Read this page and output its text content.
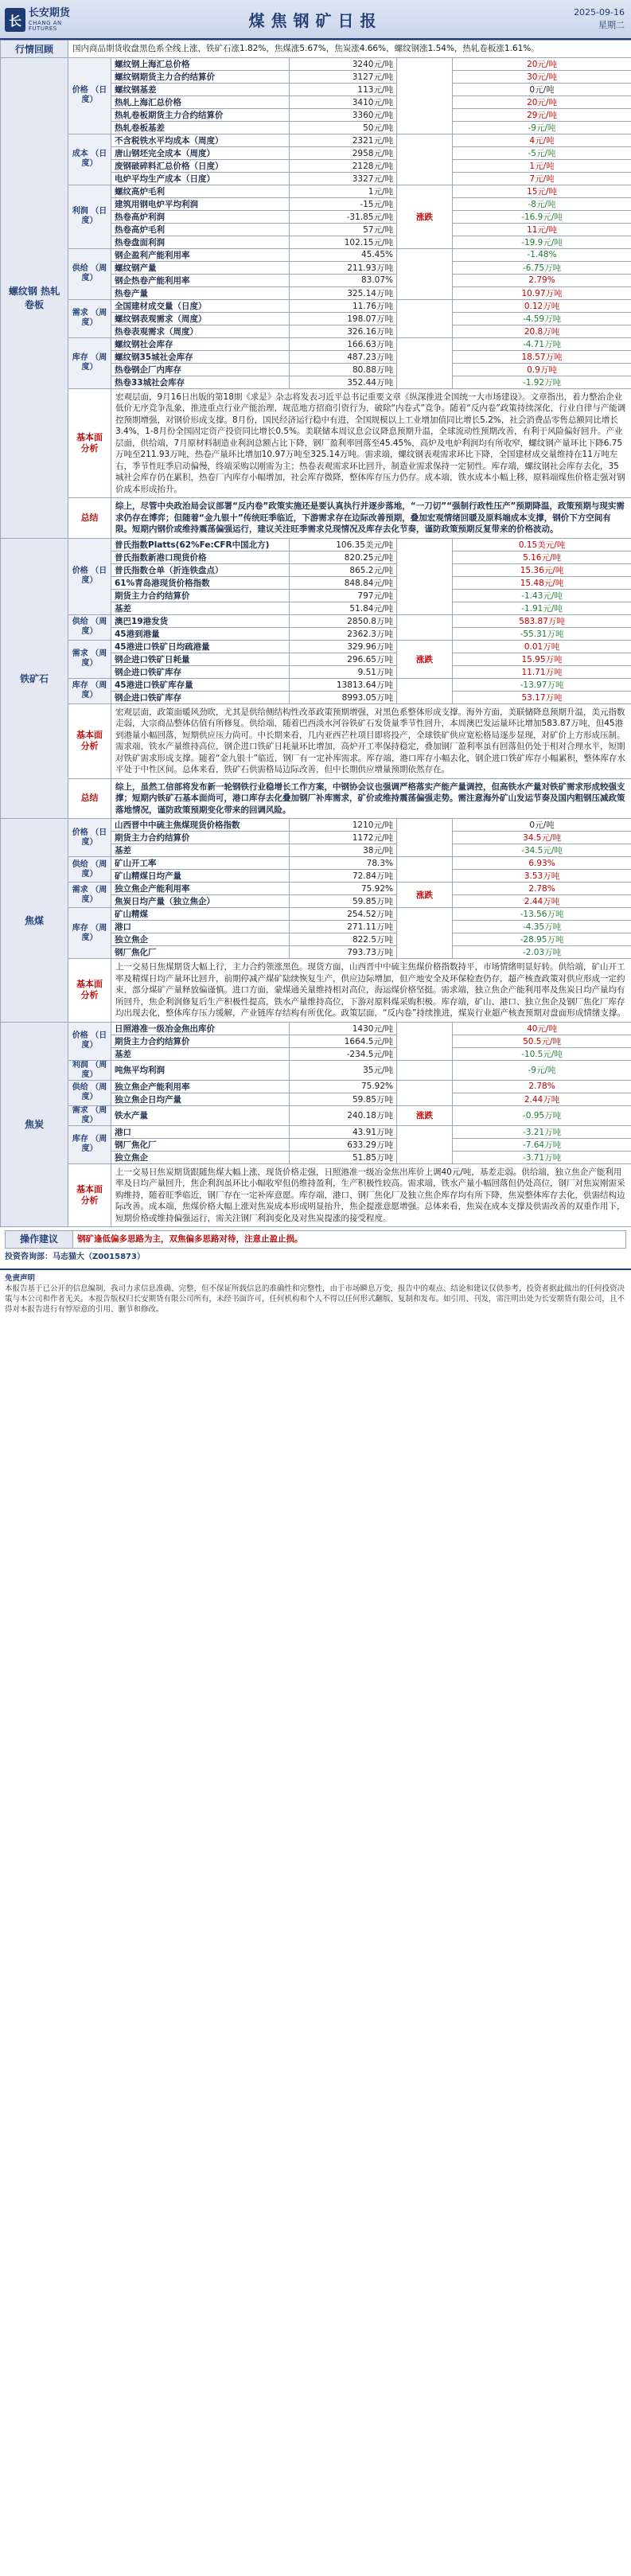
长 长安期货
CHANG AN FUTURES	煤焦钢矿日报	2025-09-16
星期二
行情回顾	国内商品期货收盘黑色系全线上涨，铁矿石涨1.82%，焦煤涨5.67%，焦炭涨4.66%，螺纹钢涨1.54%，热轧卷板涨1.61%。				
螺纹钢 热轧卷板	价格 （日度）	螺纹钢上海汇总价格	3240元/吨		20元/吨
		螺纹钢期货主力合约结算价	3127元/吨		30元/吨
		螺纹钢基差	113元/吨		0元/吨
		热轧上海汇总价格	3410元/吨		20元/吨
		热轧卷板期货主力合约结算价	3360元/吨		29元/吨
		热轧卷板基差	50元/吨		-9元/吨
	成本 （日度）	不含税铁水平均成本（周度）	2321元/吨		4元/吨
		唐山钢坯完全成本（周度）	2958元/吨		-5元/吨
		废钢破碎料汇总价格（日度）	2128元/吨		1元/吨
		电炉平均生产成本（日度）	3327元/吨		7元/吨
	利润 （日度）	螺纹高炉毛利	1元/吨	涨跌	15元/吨
		建筑用钢电炉平均利润	-15元/吨		-8元/吨
		热卷高炉利润	-31.85元/吨		-16.9元/吨
		热卷高炉毛利	57元/吨		11元/吨
		热卷盘面利润	102.15元/吨		-19.9元/吨
	供给 （周度）	钢企盈利产能利用率	45.45%		-1.48%
		螺纹钢产量	211.93万吨		-6.75万吨
		钢企热卷产能利用率	83.07%		2.79%
		热卷产量	325.14万吨		10.97万吨
	需求 （周度）	全国建材成交量（日度）	11.76万吨		0.12万吨
		螺纹钢表观需求（周度）	198.07万吨		-4.59万吨
		热卷表观需求（周度）	326.16万吨		20.8万吨
	库存 （周度）	螺纹钢社会库存	166.63万吨		-4.71万吨
		螺纹钢35城社会库存	487.23万吨		18.57万吨
		热卷钢企厂内库存	80.88万吨		0.9万吨
		热卷33城社会库存	352.44万吨		-1.92万吨
	基本面 分析	宏观层面，9月16日出版的第18期《求是》杂志将发表习近平总书记重要文章《纵深推进全国统一大市场建设》。文章指出，着力整治企业低价无序竞争乱象，推进重点行业产能治理，规范地方招商引资行为，破除“内卷式”竞争。随着“反内卷”政策持续深化，行业自律与产能调控预期增强，对钢价形成支撑。8月份，国民经济运行稳中有进，全国规模以上工业增加值同比增长5.2%，社会消费品零售总额同比增长3.4%，1-8月份全国固定资产投资同比增长0.5%。美联储本周议息会议降息预期升温，全球流动性预期改善，有利于风险偏好回升。产业层面，供给端，7月原材料制造业利润总额占比下降，钢厂盈利率回落至45.45%，高炉及电炉利润均有所收窄，螺纹钢产量环比下降6.75万吨至211.93万吨，热卷产量环比增加10.97万吨至325.14万吨。需求端，螺纹钢表观需求环比下降，全国建材成交量维持在11万吨左右，季节性旺季启动偏慢，终端采购以刚需为主；热卷表观需求环比回升，制造业需求保持一定韧性。库存端，螺纹钢社会库存去化，35城社会库存仍在累积，热卷厂内库存小幅增加，社会库存微降，整体库存压力仍存。成本端，铁水成本小幅上移，原料端煤焦价格走强对钢价成本形成抬升。			
	总结	综上，尽管中央政治局会议部署“反内卷”政策实施还是要认真执行并逐步落地，“一刀切”“强制行政性压产”预期降温，政策预期与现实需求仍存在博弈；但随着“金九银十”传统旺季临近，下游需求存在边际改善预期，叠加宏观情绪回暖及原料端成本支撑，钢价下方空间有限。短期内钢价或维持震荡偏强运行，建议关注旺季需求兑现情况及库存去化节奏，谨防政策预期反复带来的价格波动。			
铁矿石	价格 （日度）	普氏指数Platts(62%Fe:CFR中国北方)	106.35美元/吨		0.15美元/吨
		普氏指数新港口现货价格	820.25元/吨		5.16元/吨
		普氏指数仓单（折连铁盘点）	865.2元/吨		15.36元/吨
		61%青岛港现货价格指数	848.84元/吨		15.48元/吨
		期货主力合约结算价	797元/吨		-1.43元/吨
		基差	51.84元/吨		-1.91元/吨
	供给 （周度）	澳巴19港发货	2850.8万吨		583.87万吨
		45港到港量	2362.3万吨		-55.31万吨
	需求 （周度）	45港进口铁矿日均疏港量	329.96万吨	涨跌	0.01万吨
		钢企进口铁矿日耗量	296.65万吨		15.95万吨
		钢企进口铁矿库存	9.51万吨		11.71万吨
	库存 （周度）	45港进口铁矿库存量	13813.64万吨		-13.97万吨
		钢企进口铁矿库存	8993.05万吨		53.17万吨
	基本面 分析	宏观层面，政策面暖风劲吹，尤其是供给侧结构性改革政策预期增强，对黑色系整体形成支撑。海外方面，美联储降息预期升温，美元指数走弱，大宗商品整体估值有所修复。供给端，随着巴西淡水河谷铁矿石发货量季节性回升，本周澳巴发运量环比增加583.87万吨，但45港到港量小幅回落，短期供应压力尚可。中长期来看，几内亚西芒杜项目即将投产，全球铁矿供应宽松格局逐步显现，对矿价上方形成压制。需求端，铁水产量维持高位，钢企进口铁矿日耗量环比增加，高炉开工率保持稳定，叠加钢厂盈利率虽有回落但仍处于相对合理水平，短期对铁矿需求形成支撑。随着“金九银十”临近，钢厂有一定补库需求。库存端，港口库存小幅去化，钢企进口铁矿库存小幅累积，整体库存水平处于中性区间。总体来看，铁矿石供需格局边际改善，但中长期供应增量预期依然存在。			
	总结	综上，虽然工信部将发布新一轮钢铁行业稳增长工作方案，中钢协会议也强调严格落实产能产量调控，但高铁水产量对铁矿需求形成较强支撑；短期内铁矿石基本面尚可，港口库存去化叠加钢厂补库需求，矿价或维持震荡偏强走势。需注意海外矿山发运节奏及国内粗钢压减政策落地情况，谨防政策预期变化带来的回调风险。			
焦煤	价格 （日度）	山西晋中中硫主焦煤现货价格指数	1210元/吨		0元/吨
		期货主力合约结算价	1172元/吨		34.5元/吨
		基差	38元/吨		-34.5元/吨
	供给 （周度）	矿山开工率	78.3%		6.93%
		矿山精煤日均产量	72.84万吨		3.53万吨
	需求 （周度）	独立焦企产能利用率	75.92%	涨跌	2.78%
		焦炭日均产量（独立焦企）	59.85万吨		2.44万吨
	库存 （周度）	矿山精煤	254.52万吨		-13.56万吨
		港口	271.11万吨		-4.35万吨
		独立焦企	822.5万吨		-28.95万吨
		钢厂焦化厂	793.73万吨		-2.03万吨
	基本面 分析	上一交易日焦煤期货大幅上行，主力合约领涨黑色。现货方面，山西晋中中硫主焦煤价格指数持平，市场情绪明显好转。供给端，矿山开工率及精煤日均产量环比回升，前期停减产煤矿陆续恢复生产，供应边际增加，但产地安全及环保检查仍存，超产核查政策对供应形成一定约束，部分煤矿产量释放偏谨慎。进口方面，蒙煤通关量维持相对高位，海运煤价格坚挺。需求端，独立焦企产能利用率及焦炭日均产量均有所回升，焦企利润修复后生产积极性提高，铁水产量维持高位，下游对原料煤采购积极。库存端，矿山、港口、独立焦企及钢厂焦化厂库存均出现去化，整体库存压力缓解，产业链库存结构有所优化。政策层面，“反内卷”持续推进，煤炭行业超产核查预期对盘面形成情绪支撑。			
焦炭	价格 （日度）	日照港准一级冶金焦出库价	1430元/吨		40元/吨
		期货主力合约结算价	1664.5元/吨		50.5元/吨
		基差	-234.5元/吨		-10.5元/吨
	利润 （周度）	吨焦平均利润	35元/吨		-9元/吨
	供给 （周度）	独立焦企产能利用率	75.92%		2.78%
		独立焦企日均产量	59.85万吨		2.44万吨
	需求 （周度）	铁水产量	240.18万吨	涨跌	-0.95万吨
	库存 （周度）	港口	43.91万吨		-3.21万吨
		钢厂焦化厂	633.29万吨		-7.64万吨
		独立焦企	51.85万吨		-3.71万吨
	基本面 分析	上一交易日焦炭期货跟随焦煤大幅上涨，现货价格走强，日照港准一级冶金焦出库价上调40元/吨，基差走弱。供给端，独立焦企产能利用率及日均产量回升，焦企利润虽环比小幅收窄但仍维持盈利，生产积极性较高。需求端，铁水产量小幅回落但仍处高位，钢厂对焦炭刚需采购维持，随着旺季临近，钢厂存在一定补库意愿。库存端，港口、钢厂焦化厂及独立焦企库存均有所下降，焦炭整体库存去化，供需结构边际改善。成本端，焦煤价格大幅上涨对焦炭成本形成明显抬升，焦企提涨意愿增强。总体来看，焦炭在成本支撑及供需改善的双重作用下，短期价格或维持偏强运行，需关注钢厂利润变化及对焦炭提涨的接受程度。			
操作建议	钢矿逢低偏多思路为主，双焦偏多思路对待，注意止盈止损。
投资咨询部：马志猫大（Z0015873）
免责声明
本报告基于已公开的信息编制，我司力求信息准确、完整，但不保证所载信息的准确性和完整性，由于市场瞬息万变，报告中的观点、结论和建议仅供参考，投资者据此做出的任何投资决策与本公司和作者无关。本报告版权归长安期货有限公司所有，未经书面许可，任何机构和个人不得以任何形式翻版、复制和发布。如引用、刊发，需注明出处为长安期货有限公司，且不得对本报告进行有悖原意的引用、删节和修改。
